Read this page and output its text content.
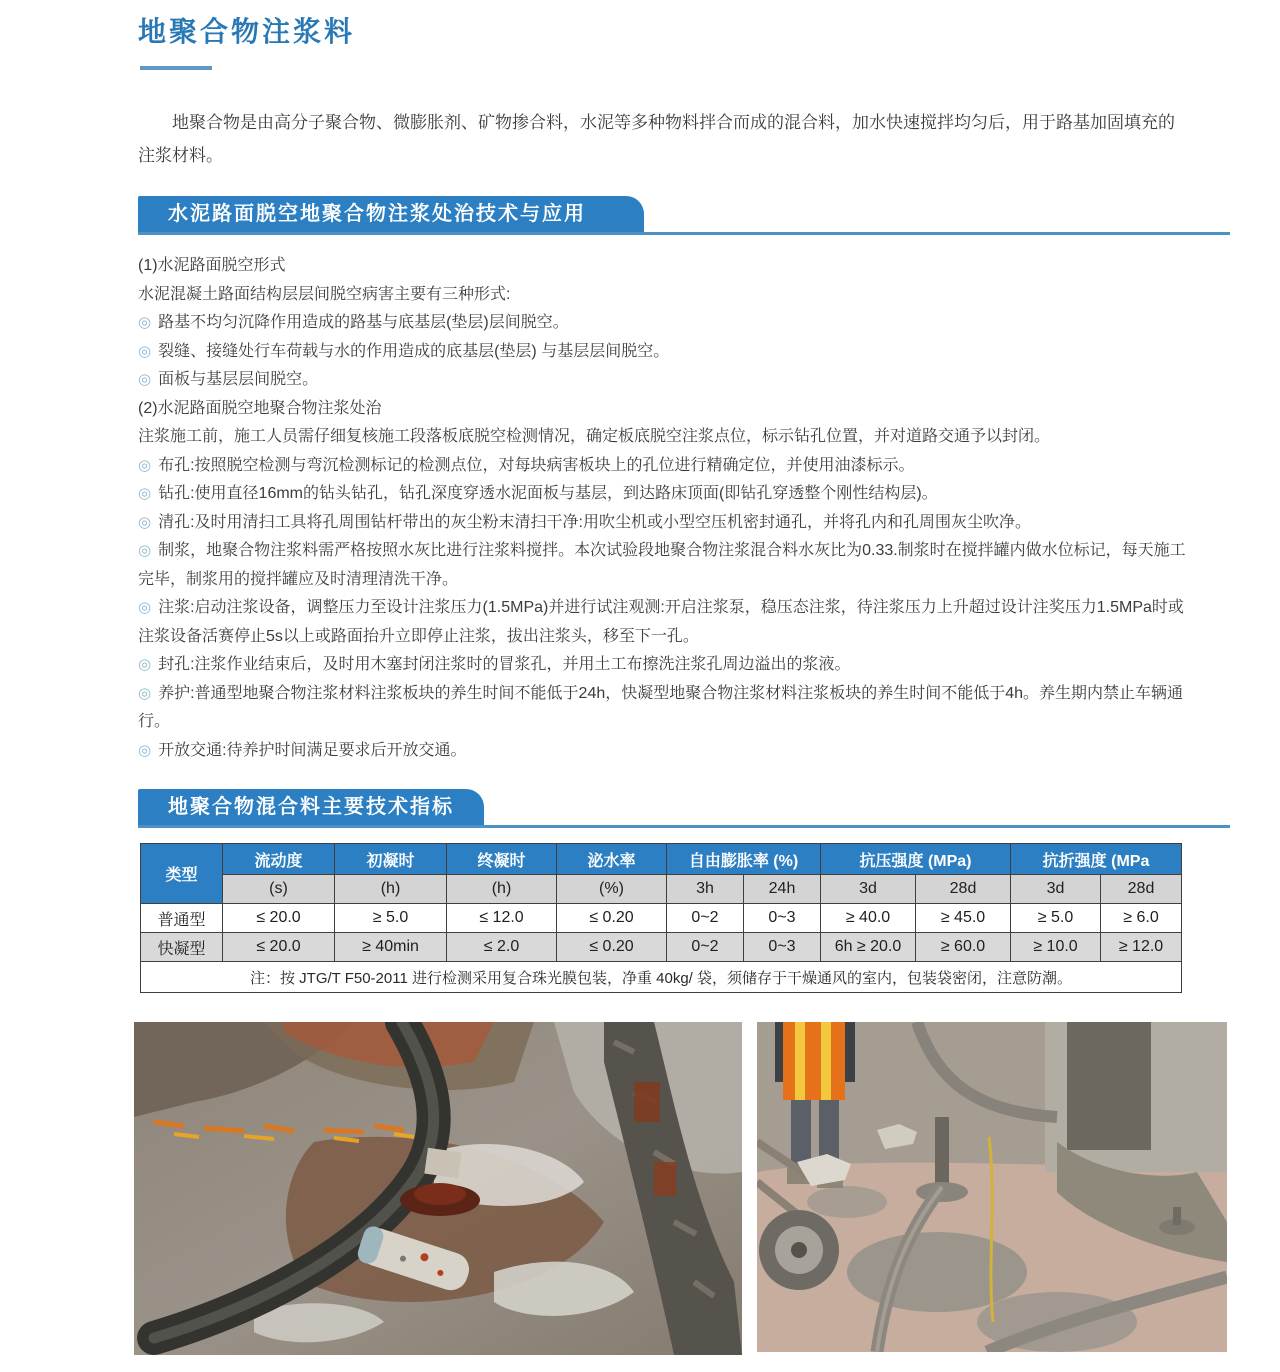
地聚合物注浆料

地聚合物是由高分子聚合物、微膨胀剂、矿物掺合料，水泥等多种物料拌合而成的混合料，加水快速搅拌均匀后，用于路基加固填充的注浆材料。

水泥路面脱空地聚合物注浆处治技术与应用

(1)水泥路面脱空形式

水泥混凝土路面结构层层间脱空病害主要有三种形式:

◎ 路基不均匀沉降作用造成的路基与底基层(垫层)层间脱空。

◎ 裂缝、接缝处行车荷载与水的作用造成的底基层(垫层) 与基层层间脱空。

◎ 面板与基层层间脱空。

(2)水泥路面脱空地聚合物注浆处治

注浆施工前，施工人员需仔细复核施工段落板底脱空检测情况，确定板底脱空注浆点位，标示钻孔位置，并对道路交通予以封闭。

◎ 布孔:按照脱空检测与弯沉检测标记的检测点位，对每块病害板块上的孔位进行精确定位，并使用油漆标示。

◎ 钻孔:使用直径16mm的钻头钻孔，钻孔深度穿透水泥面板与基层，到达路床顶面(即钻孔穿透整个刚性结构层)。

◎ 清孔:及时用清扫工具将孔周围钻杆带出的灰尘粉末清扫干净:用吹尘机或小型空压机密封通孔，并将孔内和孔周围灰尘吹净。

◎ 制浆，地聚合物注浆料需严格按照水灰比进行注浆料搅拌。本次试验段地聚合物注浆混合料水灰比为0.33.制浆时在搅拌罐内做水位标记，每天施工完毕，制浆用的搅拌罐应及时清理清洗干净。

◎ 注浆:启动注浆设备，调整压力至设计注浆压力(1.5MPa)并进行试注观测:开启注浆泵，稳压态注浆，待注浆压力上升超过设计注奖压力1.5MPa时或注浆设备活赛停止5s以上或路面抬升立即停止注浆，拔出注浆头，移至下一孔。

◎ 封孔:注浆作业结束后，及时用木塞封闭注浆时的冒浆孔，并用土工布擦洗注浆孔周边溢出的浆液。

◎ 养护:普通型地聚合物注浆材料注浆板块的养生时间不能低于24h，快凝型地聚合物注浆材料注浆板块的养生时间不能低于4h。养生期内禁止车辆通行。

◎ 开放交通:待养护时间满足要求后开放交通。

地聚合物混合料主要技术指标
类型	流动度	初凝时	终凝时	泌水率	自由膨胀率 (%)		抗压强度 (MPa)		抗折强度 (MPa	
	(s)	(h)	(h)	(%)	3h	24h	3d	28d	3d	28d
普通型	≤ 20.0	≥ 5.0	≤ 12.0	≤ 0.20	0~2	0~3	≥ 40.0	≥ 45.0	≥ 5.0	≥ 6.0
快凝型	≤ 20.0	≥ 40min	≤ 2.0	≤ 0.20	0~2	0~3	6h ≥ 20.0	≥ 60.0	≥ 10.0	≥ 12.0
注：按 JTG/T F50-2011 进行检测采用复合珠光膜包装，净重 40kg/ 袋，须储存于干燥通风的室内，包装袋密闭，注意防潮。										
